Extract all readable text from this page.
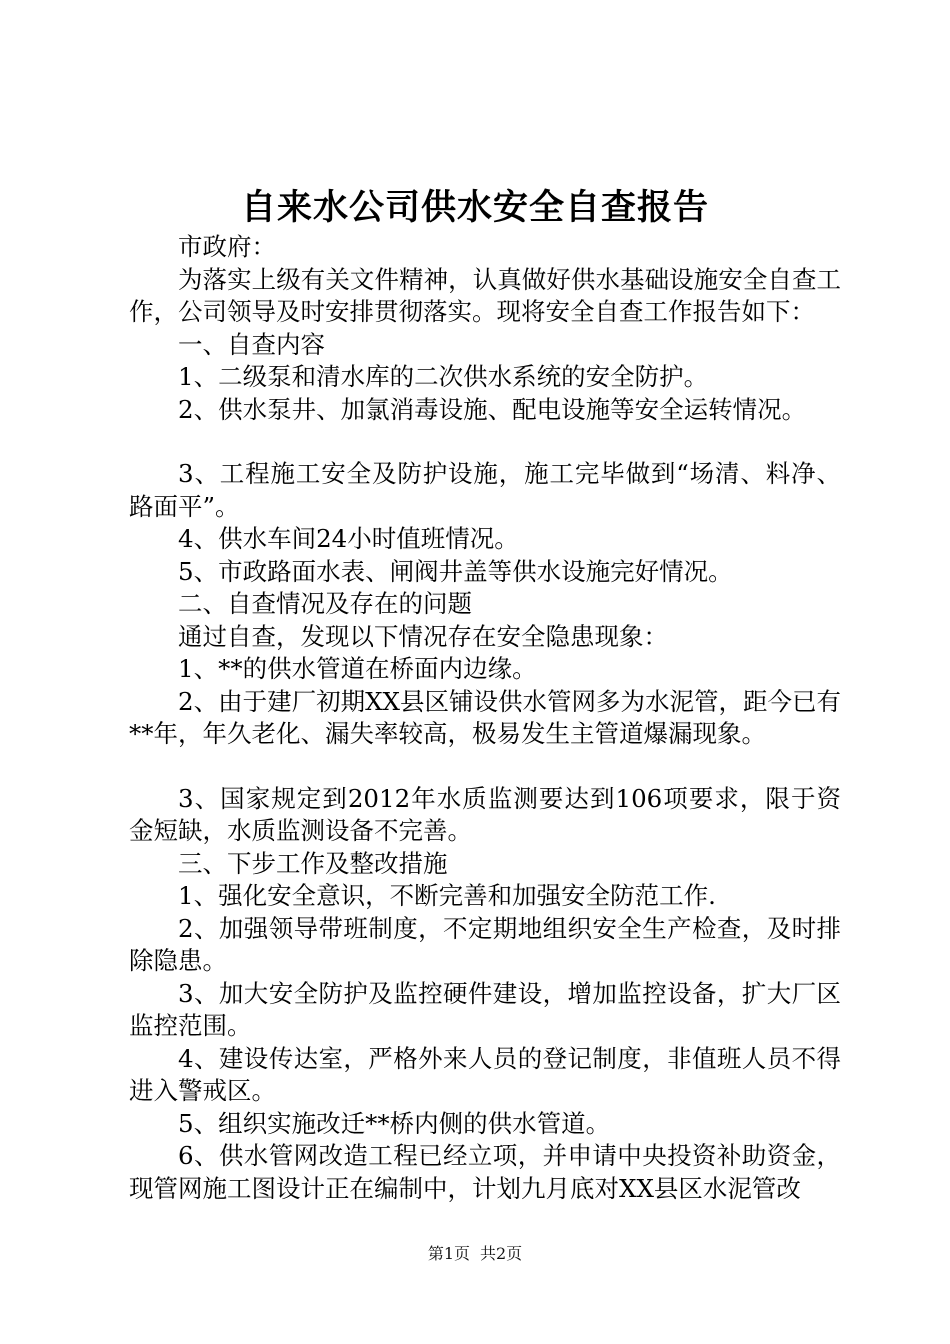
自来水公司供水安全自查报告

市政府：

为落实上级有关文件精神，认真做好供水基础设施安全自查工作，公司领导及时安排贯彻落实。现将安全自查工作报告如下：

一、自查内容

1、二级泵和清水库的二次供水系统的安全防护。

2、供水泵井、加氯消毒设施、配电设施等安全运转情况。

3、工程施工安全及防护设施，施工完毕做到“场清、料净、路面平”。

4、供水车间24小时值班情况。

5、市政路面水表、闸阀井盖等供水设施完好情况。

二、自查情况及存在的问题

通过自查，发现以下情况存在安全隐患现象：

1、**的供水管道在桥面内边缘。

2、由于建厂初期XX县区铺设供水管网多为水泥管，距今已有**年，年久老化、漏失率较高，极易发生主管道爆漏现象。

3、国家规定到2012年水质监测要达到106项要求，限于资金短缺，水质监测设备不完善。

三、下步工作及整改措施

1、强化安全意识，不断完善和加强安全防范工作.

2、加强领导带班制度，不定期地组织安全生产检查，及时排除隐患。

3、加大安全防护及监控硬件建设，增加监控设备，扩大厂区监控范围。

4、建设传达室，严格外来人员的登记制度，非值班人员不得进入警戒区。

5、组织实施改迁**桥内侧的供水管道。

6、供水管网改造工程已经立项，并申请中央投资补助资金，现管网施工图设计正在编制中，计划九月底对XX县区水泥管改

第1页 共2页
